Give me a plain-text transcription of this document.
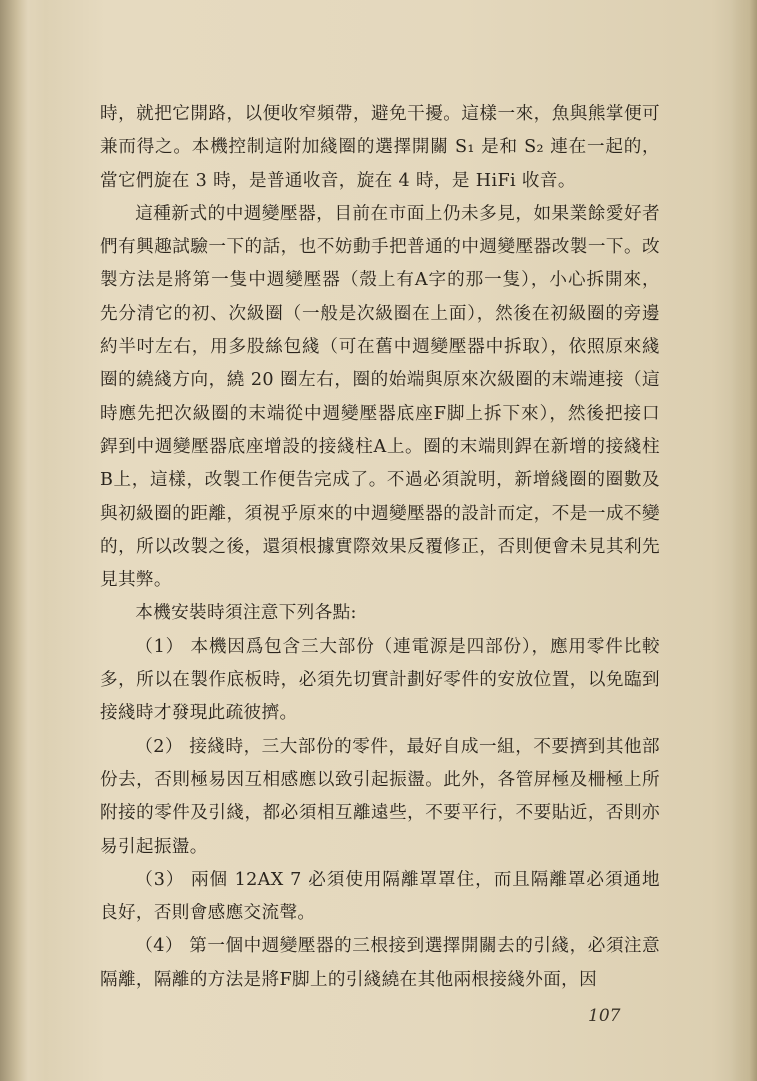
時，就把它開路，以便收窄頻帶，避免干擾。這樣一來，魚與熊掌便可兼而得之。本機控制這附加綫圈的選擇開關 S₁ 是和 S₂ 連在一起的，當它們旋在 3 時，是普通收音，旋在 4 時，是 HiFi 收音。

這種新式的中週變壓器，目前在市面上仍未多見，如果業餘愛好者們有興趣試驗一下的話，也不妨動手把普通的中週變壓器改製一下。改製方法是將第一隻中週變壓器（殼上有A字的那一隻），小心拆開來，先分清它的初、次級圈（一般是次級圈在上面），然後在初級圈的旁邊約半吋左右，用多股絲包綫（可在舊中週變壓器中拆取），依照原來綫圈的繞綫方向，繞 20 圈左右，圈的始端與原來次級圈的末端連接（這時應先把次級圈的末端從中週變壓器底座F脚上拆下來），然後把接口銲到中週變壓器底座增設的接綫柱A上。圈的末端則銲在新增的接綫柱B上，這樣，改製工作便告完成了。不過必須說明，新增綫圈的圈數及與初級圈的距離，須視乎原來的中週變壓器的設計而定，不是一成不變的，所以改製之後，還須根據實際效果反覆修正，否則便會未見其利先見其弊。

本機安裝時須注意下列各點:

（1） 本機因爲包含三大部份（連電源是四部份），應用零件比較多，所以在製作底板時，必須先切實計劃好零件的安放位置，以免臨到接綫時才發現此疏彼擠。

（2） 接綫時，三大部份的零件，最好自成一組，不要擠到其他部份去，否則極易因互相感應以致引起振盪。此外，各管屏極及柵極上所附接的零件及引綫，都必須相互離遠些，不要平行，不要貼近，否則亦易引起振盪。

（3） 兩個 12AX 7 必須使用隔離罩罩住，而且隔離罩必須通地良好，否則會感應交流聲。

（4） 第一個中週變壓器的三根接到選擇開關去的引綫，必須注意隔離，隔離的方法是將F脚上的引綫繞在其他兩根接綫外面，因

107
